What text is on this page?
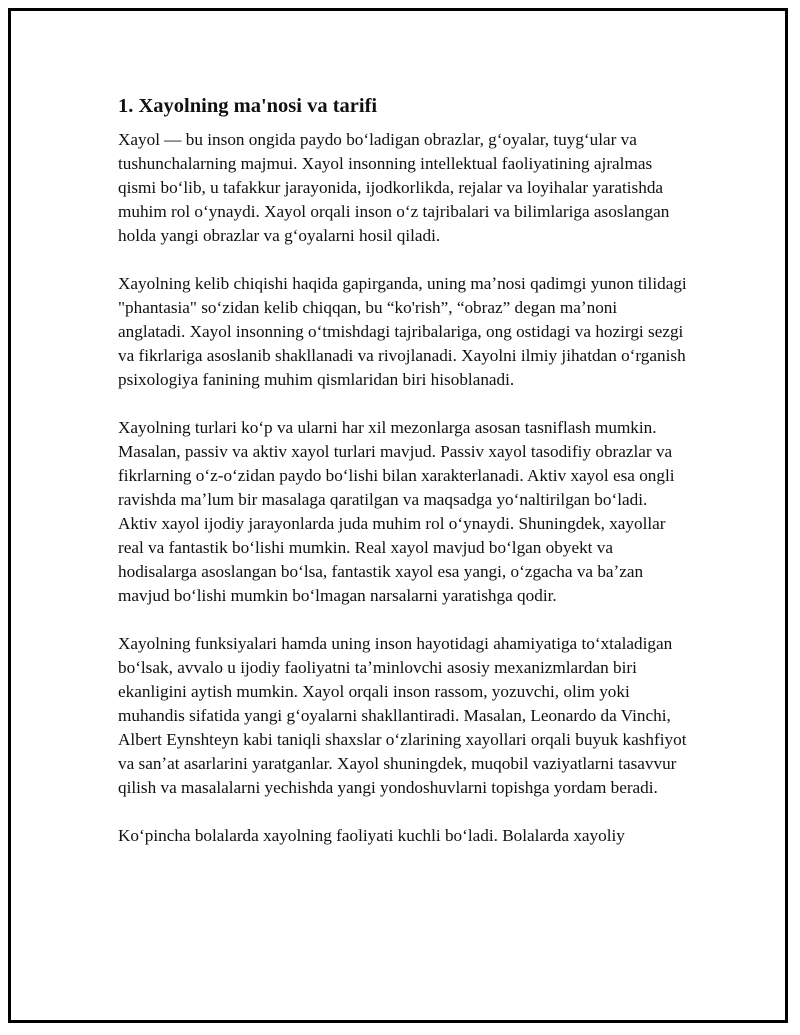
1. Xayolning ma'nosi va tarifi

Xayol — bu inson ongida paydo boʻladigan obrazlar, gʻoyalar, tuygʻular va tushunchalarning majmui. Xayol insonning intellektual faoliyatining ajralmas qismi boʻlib, u tafakkur jarayonida, ijodkorlikda, rejalar va loyihalar yaratishda muhim rol oʻynaydi. Xayol orqali inson oʻz tajribalari va bilimlariga asoslangan holda yangi obrazlar va gʻoyalarni hosil qiladi.

Xayolning kelib chiqishi haqida gapirganda, uning maʼnosi qadimgi yunon tilidagi "phantasia" soʻzidan kelib chiqqan, bu “ko'rish”, “obraz” degan maʼnoni anglatadi. Xayol insonning oʻtmishdagi tajribalariga, ong ostidagi va hozirgi sezgi va fikrlariga asoslanib shakllanadi va rivojlanadi. Xayolni ilmiy jihatdan oʻrganish psixologiya fanining muhim qismlaridan biri hisoblanadi.

Xayolning turlari koʻp va ularni har xil mezonlarga asosan tasniflash mumkin. Masalan, passiv va aktiv xayol turlari mavjud. Passiv xayol tasodifiy obrazlar va fikrlarning oʻz-oʻzidan paydo boʻlishi bilan xarakterlanadi. Aktiv xayol esa ongli ravishda maʼlum bir masalaga qaratilgan va maqsadga yoʻnaltirilgan boʻladi. Aktiv xayol ijodiy jarayonlarda juda muhim rol oʻynaydi. Shuningdek, xayollar real va fantastik boʻlishi mumkin. Real xayol mavjud boʻlgan obyekt va hodisalarga asoslangan boʻlsa, fantastik xayol esa yangi, oʻzgacha va baʼzan mavjud boʻlishi mumkin boʻlmagan narsalarni yaratishga qodir.

Xayolning funksiyalari hamda uning inson hayotidagi ahamiyatiga toʻxtaladigan boʻlsak, avvalo u ijodiy faoliyatni taʼminlovchi asosiy mexanizmlardan biri ekanligini aytish mumkin. Xayol orqali inson rassom, yozuvchi, olim yoki muhandis sifatida yangi gʻoyalarni shakllantiradi. Masalan, Leonardo da Vinchi, Albert Eynshteyn kabi taniqli shaxslar oʻzlarining xayollari orqali buyuk kashfiyot va sanʼat asarlarini yaratganlar. Xayol shuningdek, muqobil vaziyatlarni tasavvur qilish va masalalarni yechishda yangi yondoshuvlarni topishga yordam beradi.

Koʻpincha bolalarda xayolning faoliyati kuchli boʻladi. Bolalarda xayoliy
